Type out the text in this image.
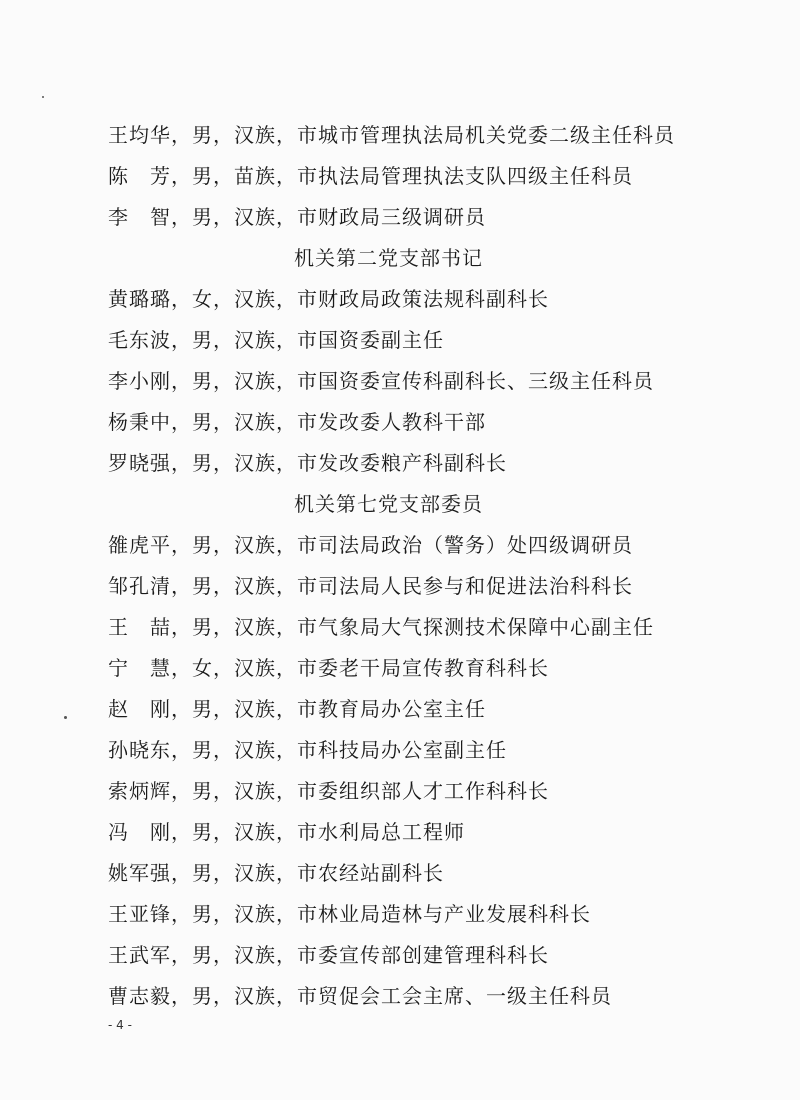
王均华，男，汉族，市城市管理执法局机关党委二级主任科员
陈　芳，男，苗族，市执法局管理执法支队四级主任科员
李　智，男，汉族，市财政局三级调研员
机关第二党支部书记
黄璐璐，女，汉族，市财政局政策法规科副科长
毛东波，男，汉族，市国资委副主任
李小刚，男，汉族，市国资委宣传科副科长、三级主任科员
杨秉中，男，汉族，市发改委人教科干部
罗晓强，男，汉族，市发改委粮产科副科长
机关第七党支部委员
雒虎平，男，汉族，市司法局政治（警务）处四级调研员
邹孔清，男，汉族，市司法局人民参与和促进法治科科长
王　喆，男，汉族，市气象局大气探测技术保障中心副主任
宁　慧，女，汉族，市委老干局宣传教育科科长
赵　刚，男，汉族，市教育局办公室主任
孙晓东，男，汉族，市科技局办公室副主任
索炳辉，男，汉族，市委组织部人才工作科科长
冯　刚，男，汉族，市水利局总工程师
姚军强，男，汉族，市农经站副科长
王亚锋，男，汉族，市林业局造林与产业发展科科长
王武军，男，汉族，市委宣传部创建管理科科长
曹志毅，男，汉族，市贸促会工会主席、一级主任科员
- 4 -
